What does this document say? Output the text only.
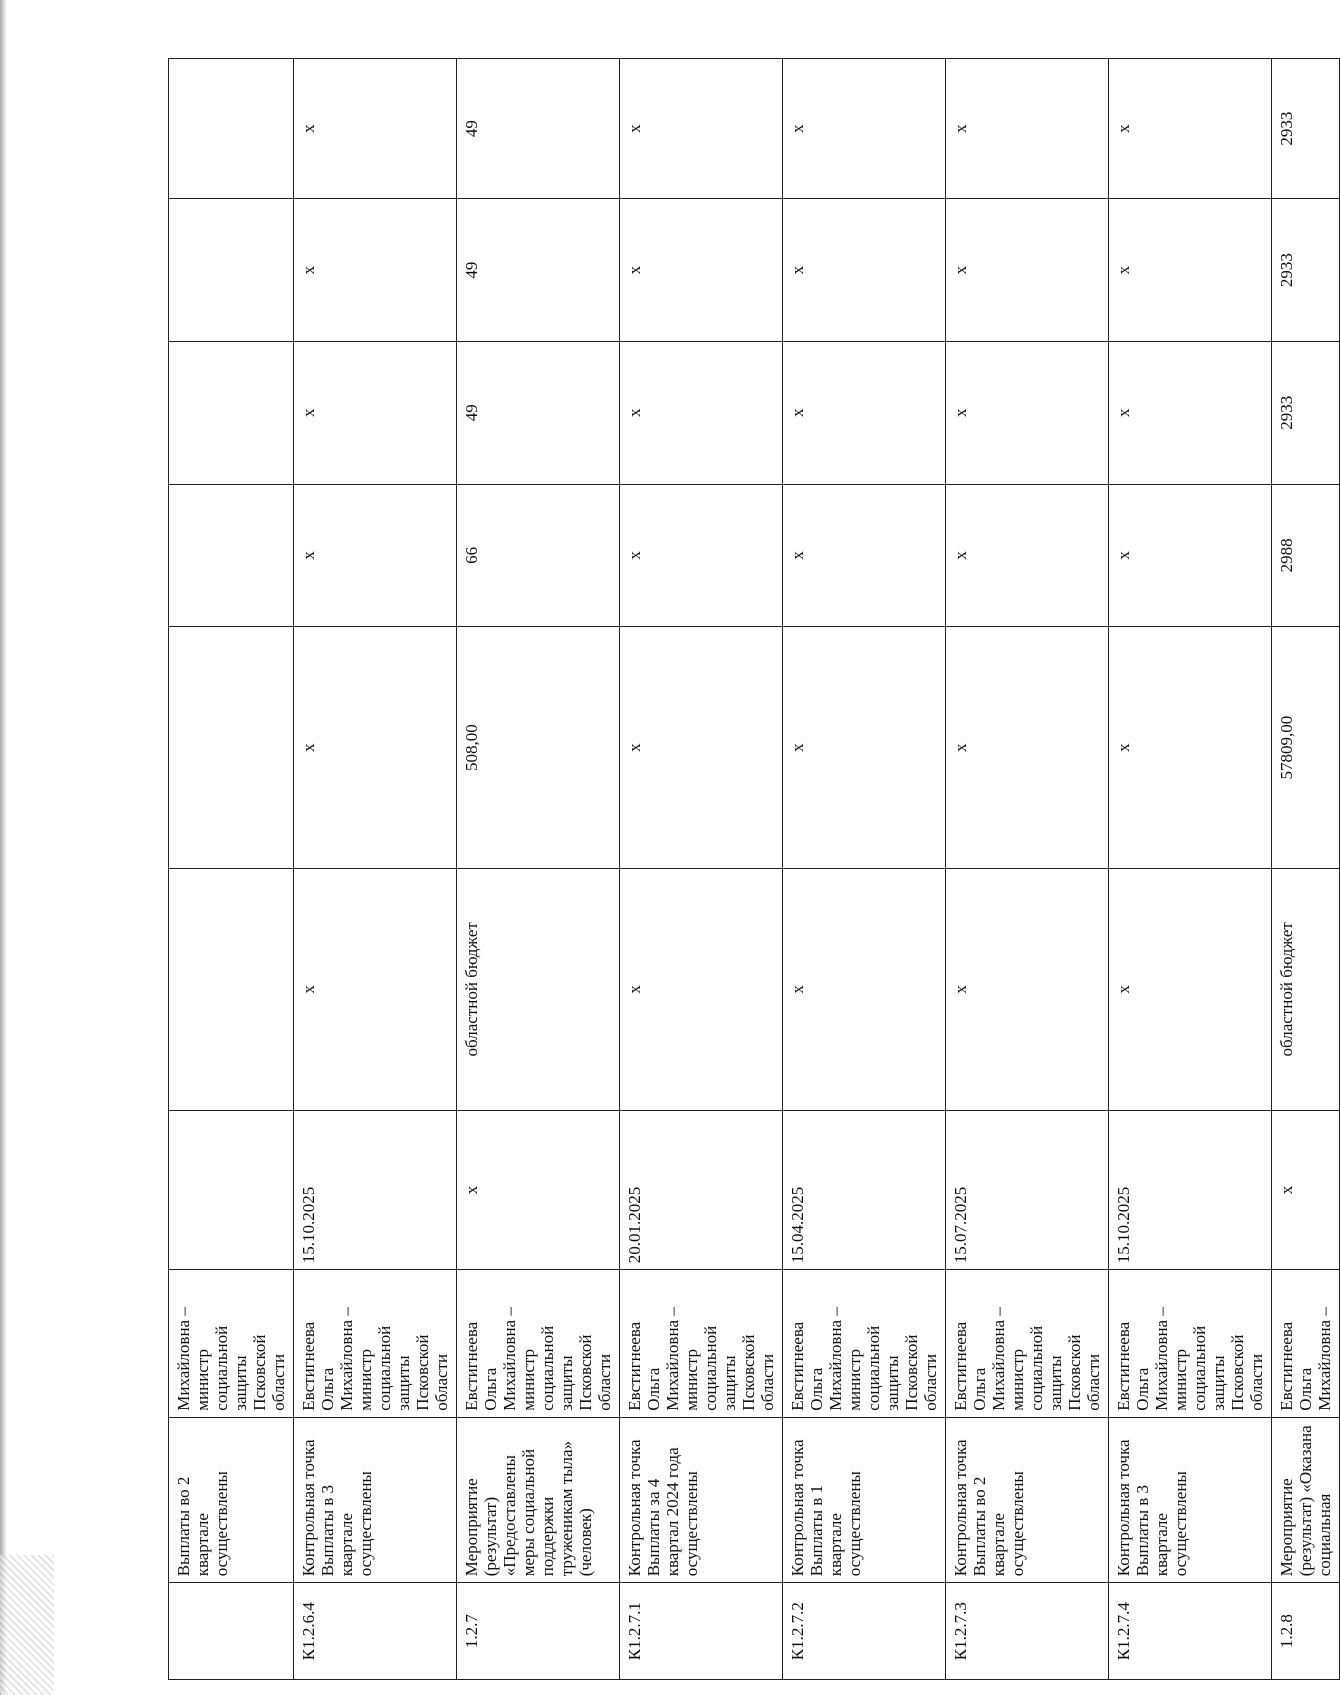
	Выплаты во 2 квартале осуществлены	Михайловна – министр социальной защиты Псковской области							
К1.2.6.4	Контрольная точка Выплаты в 3 квартале осуществлены	Евстигнеева Ольга Михайловна – министр социальной защиты Псковской области	15.10.2025	х	х	х	х	х	х
1.2.7	Мероприятие (результат) «Предоставлены меры социальной поддержки труженикам тыла» (человек)	Евстигнеева Ольга Михайловна – министр социальной защиты Псковской области	х	областной бюджет	508,00	66	49	49	49
К1.2.7.1	Контрольная точка Выплаты за 4 квартал 2024 года осуществлены	Евстигнеева Ольга Михайловна – министр социальной защиты Псковской области	20.01.2025	х	х	х	х	х	х
К1.2.7.2	Контрольная точка Выплаты в 1 квартале осуществлены	Евстигнеева Ольга Михайловна – министр социальной защиты Псковской области	15.04.2025	х	х	х	х	х	х
К1.2.7.3	Контрольная точка Выплаты во 2 квартале осуществлены	Евстигнеева Ольга Михайловна – министр социальной защиты Псковской области	15.07.2025	х	х	х	х	х	х
К1.2.7.4	Контрольная точка Выплаты в 3 квартале осуществлены	Евстигнеева Ольга Михайловна – министр социальной защиты Псковской области	15.10.2025	х	х	х	х	х	х
1.2.8	Мероприятие (результат) «Оказана социальная	Евстигнеева Ольга Михайловна –	х	областной бюджет	57809,00	2988	2933	2933	2933
